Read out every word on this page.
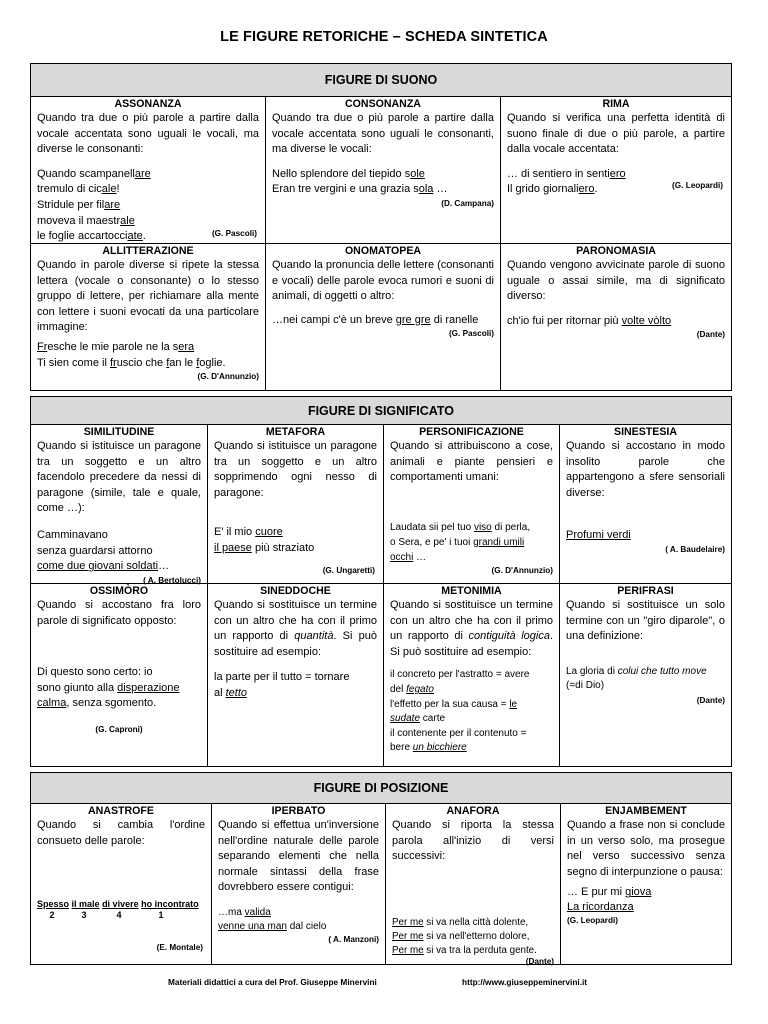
LE FIGURE RETORICHE – SCHEDA SINTETICA
FIGURE DI SUONO
ASSONANZA
Quando tra due o più parole a partire dalla vocale accentata sono uguali le vocali, ma diverse le consonanti:
Quando scampanellare
tremulo di cicale!
Stridule per filare
moveva il maestrale
le foglie accartocciate.	(G. Pascoli)
CONSONANZA
Quando tra due o più parole a partire dalla vocale accentata sono uguali le consonanti, ma diverse le vocali:
Nello splendore del tiepido sole
Eran tre vergini e una grazia sola …
(D. Campana)
RIMA
Quando si verifica una perfetta identità di suono finale di due o più parole, a partire dalla vocale accentata:
… di sentiero in sentiero
Il grido giornaliero.	(G. Leopardi)
ALLITTERAZIONE
Quando in parole diverse si ripete la stessa lettera (vocale o consonante) o lo stesso gruppo di lettere, per richiamare alla mente con lettere i suoni evocati da una particolare immagine:
Fresche le mie parole ne la sera
Ti sien come il fruscio che fan le foglie.
(G. D'Annunzio)
ONOMATOPEA
Quando la pronuncia delle lettere (consonanti e vocali) delle parole evoca rumori e suoni di animali, di oggetti o altro:
…nei campi c'è un breve gre gre di ranelle
(G. Pascoli)
PARONOMASIA
Quando vengono avvicinate parole di suono uguale o assai simile, ma di significato diverso:
ch'io fui per ritornar più volte vòlto
(Dante)
FIGURE DI SIGNIFICATO
SIMILITUDINE
Quando si istituisce un paragone tra un soggetto e un altro facendolo precedere da nessi di paragone (simile, tale e quale, come …):
Camminavano
senza guardarsi attorno
come due giovani soldati…
( A. Bertolucci)
METAFORA
Quando si istituisce un paragone tra un soggetto e un altro sopprimendo ogni nesso di paragone:
E' il mio cuore
il paese più straziato
(G. Ungaretti)
PERSONIFICAZIONE
Quando si attribuiscono a cose, animali e piante pensieri e comportamenti umani:
Laudata sii pel tuo viso di perla,
o Sera, e pe' i tuoi grandi umili
occhi …
(G. D'Annunzio)
SINESTESIA
Quando si accostano in modo insolito parole che appartengono a sfere sensoriali diverse:
Profumi verdi
( A. Baudelaire)
OSSIMÒRO
Quando si accostano fra loro parole di significato opposto:
Di questo sono certo: io
sono giunto alla disperazione
calma, senza sgomento.
(G. Caproni)
SINEDDOCHE
Quando si sostituisce un termine con un altro che ha con il primo un rapporto di quantità. Si può sostituire ad esempio:
la parte per il tutto = tornare
al tetto
METONIMIA
Quando si sostituisce un termine con un altro che ha con il primo un rapporto di contiguità logica. Si può sostituire ad esempio:
il concreto per l'astratto = avere
del fegato
l'effetto per la sua causa = le
sudate carte
il contenente per il contenuto =
bere un bicchiere
PERIFRASI
Quando si sostituisce un solo termine con un "giro diparole", o una definizione:
La gloria di colui che tutto move
(=di Dio)
(Dante)
FIGURE DI POSIZIONE
ANASTROFE
Quando si cambia l'ordine consueto delle parole:
Spesso il male di vivere ho incontrato
2	3	4	1
(E. Montale)
IPERBATO
Quando si effettua un'inversione nell'ordine naturale delle parole separando elementi che nella normale sintassi della frase dovrebbero essere contigui:
…ma valida
venne una man dal cielo
( A. Manzoni)
ANAFORA
Quando si riporta la stessa parola all'inizio di versi successivi:
Per me si va nella città dolente,
Per me si va nell'etterno dolore,
Per me si va tra la perduta gente.
(Dante)
ENJAMBEMENT
Quando a frase non si conclude in un verso solo, ma prosegue nel verso successivo senza segno di interpunzione o pausa:
… E pur mi giova
La ricordanza
(G. Leopardi)
Materiali didattici a cura del Prof. Giuseppe Minervini	http://www.giuseppeminervini.it
